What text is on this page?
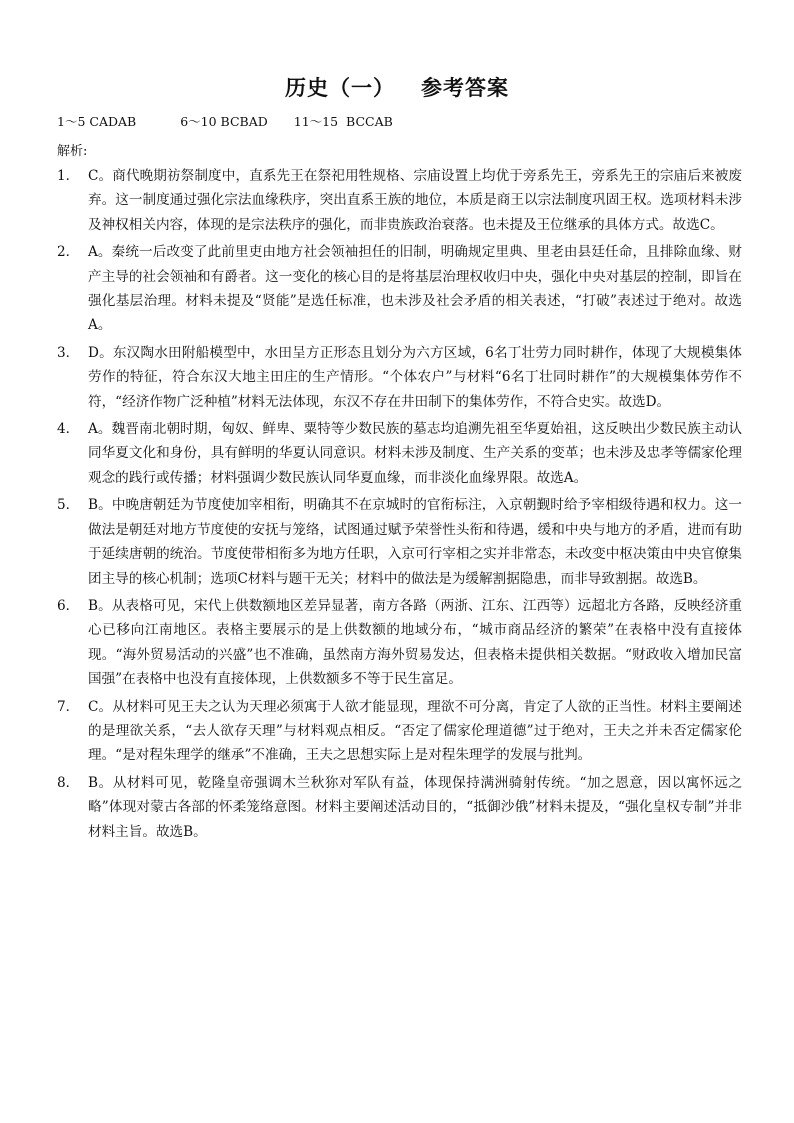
历史（一） 参考答案
1～5 CADAB	6～10 BCBAD 11～15  BCCAB
解析:
1． C。商代晚期祊祭制度中，直系先王在祭祀用牲规格、宗庙设置上均优于旁系先王，旁系先王的宗庙后来被废弃。这一制度通过强化宗法血缘秩序，突出直系王族的地位，本质是商王以宗法制度巩固王权。选项材料未涉及神权相关内容，体现的是宗法秩序的强化，而非贵族政治衰落。也未提及王位继承的具体方式。故选C。
2． A。秦统一后改变了此前里吏由地方社会领袖担任的旧制，明确规定里典、里老由县廷任命，且排除血缘、财产主导的社会领袖和有爵者。这一变化的核心目的是将基层治理权收归中央，强化中央对基层的控制，即旨在强化基层治理。材料未提及“贤能”是选任标准，也未涉及社会矛盾的相关表述，“打破”表述过于绝对。故选A。
3． D。东汉陶水田附船模型中，水田呈方正形态且划分为六方区域，6名丁壮劳力同时耕作，体现了大规模集体劳作的特征，符合东汉大地主田庄的生产情形。“个体农户”与材料“6名丁壮同时耕作”的大规模集体劳作不符，“经济作物广泛种植”材料无法体现，东汉不存在井田制下的集体劳作，不符合史实。故选D。
4． A。魏晋南北朝时期，匈奴、鲜卑、粟特等少数民族的墓志均追溯先祖至华夏始祖，这反映出少数民族主动认同华夏文化和身份，具有鲜明的华夏认同意识。材料未涉及制度、生产关系的变革；也未涉及忠孝等儒家伦理观念的践行或传播；材料强调少数民族认同华夏血缘，而非淡化血缘界限。故选A。
5． B。中晚唐朝廷为节度使加宰相衔，明确其不在京城时的官衔标注，入京朝觐时给予宰相级待遇和权力。这一做法是朝廷对地方节度使的安抚与笼络，试图通过赋予荣誉性头衔和待遇，缓和中央与地方的矛盾，进而有助于延续唐朝的统治。节度使带相衔多为地方任职，入京可行宰相之实并非常态，未改变中枢决策由中央官僚集团主导的核心机制；选项C材料与题干无关；材料中的做法是为缓解割据隐患，而非导致割据。故选B。
6． B。从表格可见，宋代上供数额地区差异显著，南方各路（两浙、江东、江西等）远超北方各路，反映经济重心已移向江南地区。表格主要展示的是上供数额的地域分布，“城市商品经济的繁荣”在表格中没有直接体现。“海外贸易活动的兴盛”也不准确，虽然南方海外贸易发达，但表格未提供相关数据。“财政收入增加民富国强”在表格中也没有直接体现，上供数额多不等于民生富足。
7． C。从材料可见王夫之认为天理必须寓于人欲才能显现，理欲不可分离，肯定了人欲的正当性。材料主要阐述的是理欲关系，“去人欲存天理”与材料观点相反。“否定了儒家伦理道德”过于绝对，王夫之并未否定儒家伦理。“是对程朱理学的继承”不准确，王夫之思想实际上是对程朱理学的发展与批判。
8． B。从材料可见，乾隆皇帝强调木兰秋狝对军队有益，体现保持满洲骑射传统。“加之恩意，因以寓怀远之略”体现对蒙古各部的怀柔笼络意图。材料主要阐述活动目的，“抵御沙俄”材料未提及，“强化皇权专制”并非材料主旨。故选B。
